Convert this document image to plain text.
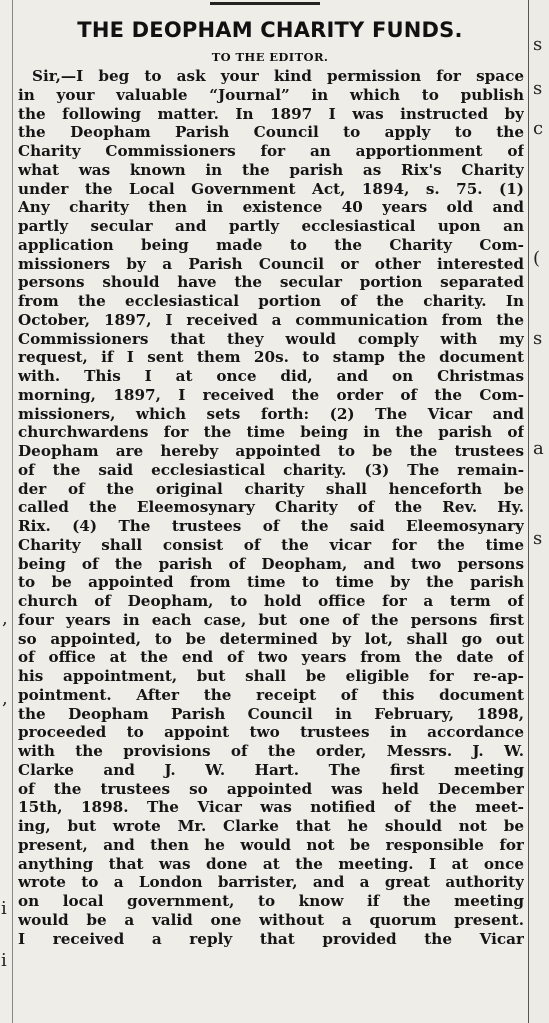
,
,
i
i
s
s
c
(
s
a
s
THE DEOPHAM CHARITY FUNDS.
TO THE EDITOR.
Sir,—I beg to ask your kind permission for space
in your valuable “Journal” in which to publish
the following matter. In 1897 I was instructed by
the Deopham Parish Council to apply to the
Charity Commissioners for an apportionment of
what was known in the parish as Rix's Charity
under the Local Government Act, 1894, s. 75. (1)
Any charity then in existence 40 years old and
partly secular and partly ecclesiastical upon an
application being made to the Charity Com-
missioners by a Parish Council or other interested
persons should have the secular portion separated
from the ecclesiastical portion of the charity. In
October, 1897, I received a communication from the
Commissioners that they would comply with my
request, if I sent them 20s. to stamp the document
with. This I at once did, and on Christmas
morning, 1897, I received the order of the Com-
missioners, which sets forth: (2) The Vicar and
churchwardens for the time being in the parish of
Deopham are hereby appointed to be the trustees
of the said ecclesiastical charity. (3) The remain-
der of the original charity shall henceforth be
called the Eleemosynary Charity of the Rev. Hy.
Rix. (4) The trustees of the said Eleemosynary
Charity shall consist of the vicar for the time
being of the parish of Deopham, and two persons
to be appointed from time to time by the parish
church of Deopham, to hold office for a term of
four years in each case, but one of the persons first
so appointed, to be determined by lot, shall go out
of office at the end of two years from the date of
his appointment, but shall be eligible for re-ap-
pointment. After the receipt of this document
the Deopham Parish Council in February, 1898,
proceeded to appoint two trustees in accordance
with the provisions of the order, Messrs. J. W.
Clarke and J. W. Hart. The first meeting
of the trustees so appointed was held December
15th, 1898. The Vicar was notified of the meet-
ing, but wrote Mr. Clarke that he should not be
present, and then he would not be responsible for
anything that was done at the meeting. I at once
wrote to a London barrister, and a great authority
on local government, to know if the meeting
would be a valid one without a quorum present.
I received a reply that provided the Vicar
